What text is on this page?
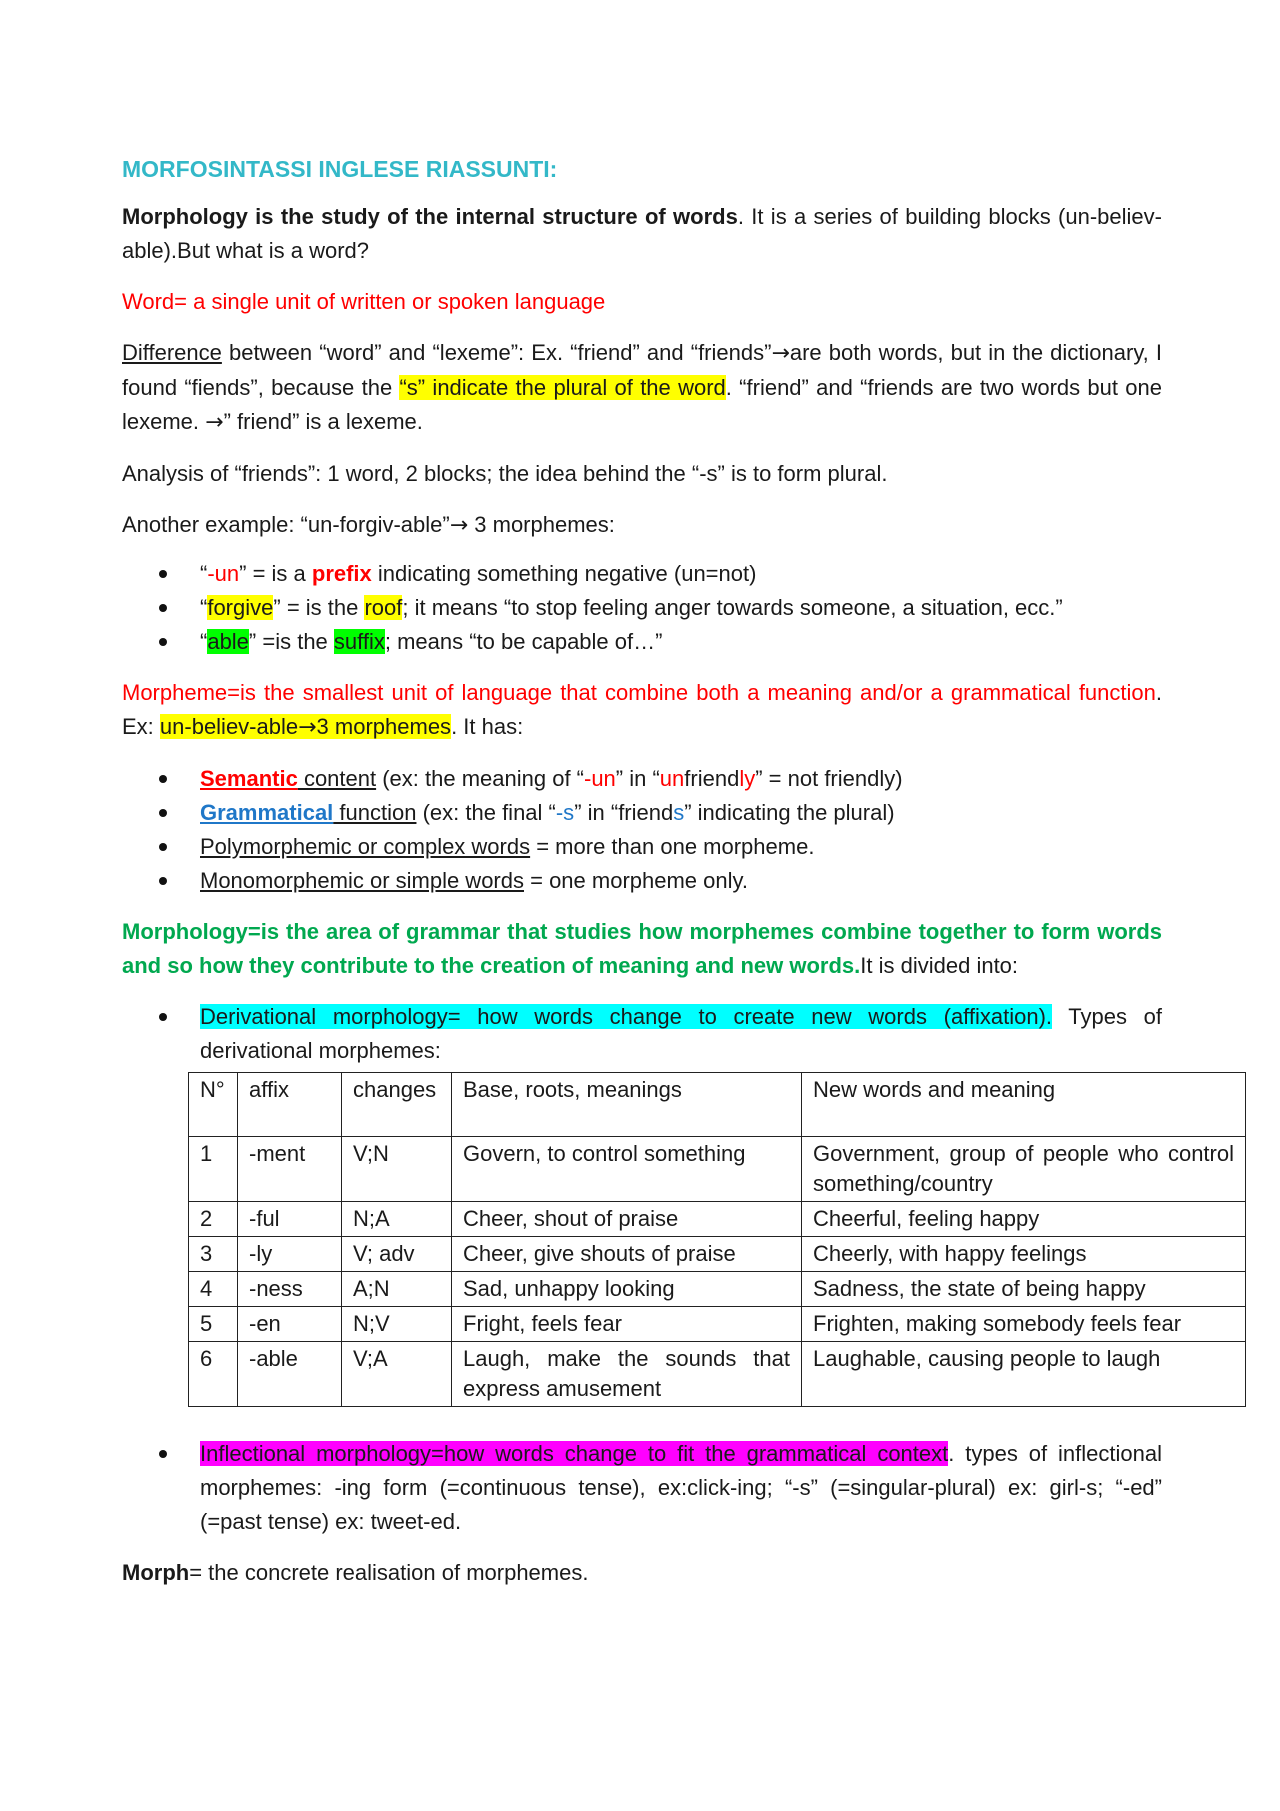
MORFOSINTASSI INGLESE RIASSUNTI:

Morphology is the study of the internal structure of words. It is a series of building blocks (un-believ-able).But what is a word?

Word= a single unit of written or spoken language

Difference between “word” and “lexeme”: Ex. “friend” and “friends”→are both words, but in the dictionary, I found “fiends”, because the “s” indicate the plural of the word. “friend” and “friends are two words but one lexeme. →” friend” is a lexeme.

Analysis of “friends”: 1 word, 2 blocks; the idea behind the “-s” is to form plural.

Another example: “un-forgiv-able”→ 3 morphemes:

“-un” = is a prefix indicating something negative (un=not)
“forgive” = is the roof; it means “to stop feeling anger towards someone, a situation, ecc.”
“able” =is the suffix; means “to be capable of…”

Morpheme=is the smallest unit of language that combine both a meaning and/or a grammatical function. Ex: un-believ-able→3 morphemes. It has:

Semantic content (ex: the meaning of “-un” in “unfriendly” = not friendly)
Grammatical function (ex: the final “-s” in “friends” indicating the plural)
Polymorphemic or complex words = more than one morpheme.
Monomorphemic or simple words = one morpheme only.

Morphology=is the area of grammar that studies how morphemes combine together to form words and so how they contribute to the creation of meaning and new words.It is divided into:

Derivational morphology= how words change to create new words (affixation). Types of derivational morphemes:
N°	affix	changes	Base, roots, meanings	New words and meaning
1	-ment	V;N	Govern, to control something	Government, group of people who control something/country
2	-ful	N;A	Cheer, shout of praise	Cheerful, feeling happy
3	-ly	V; adv	Cheer, give shouts of praise	Cheerly, with happy feelings
4	-ness	A;N	Sad, unhappy looking	Sadness, the state of being happy
5	-en	N;V	Fright, feels fear	Frighten, making somebody feels fear
6	-able	V;A	Laugh, make the sounds that express amusement	Laughable, causing people to laugh
Inflectional morphology=how words change to fit the grammatical context. types of inflectional morphemes: -ing form (=continuous tense), ex:click-ing; “-s” (=singular-plural) ex: girl-s; “-ed” (=past tense) ex: tweet-ed.

Morph= the concrete realisation of morphemes.
